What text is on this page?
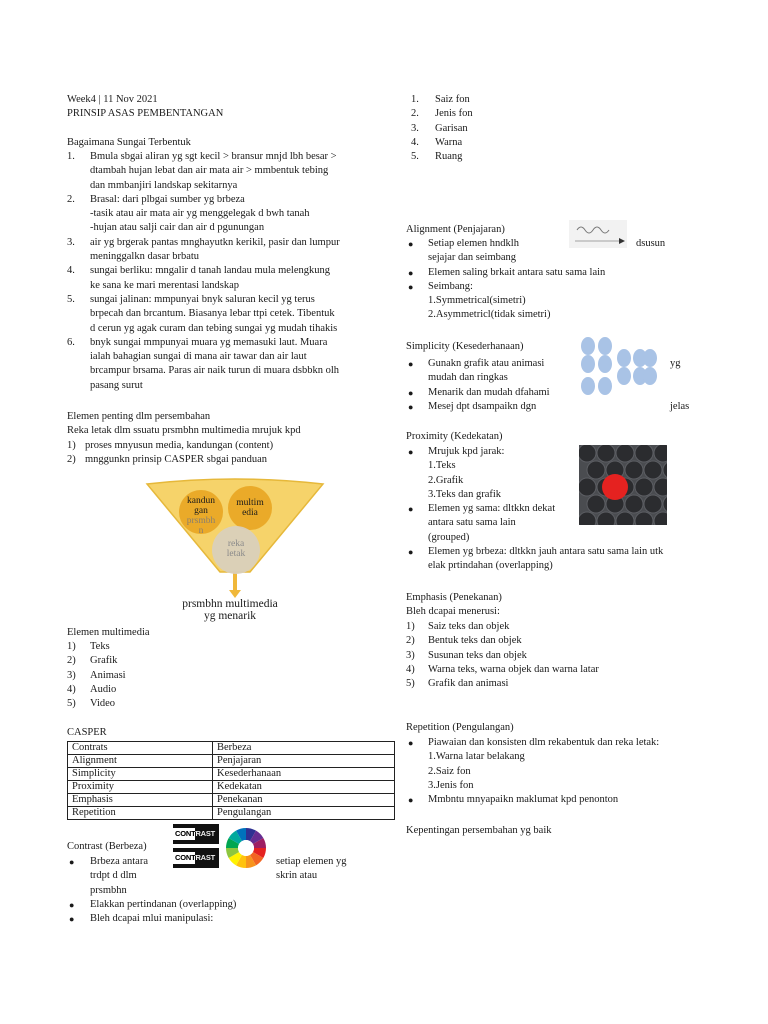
Week4 | 11 Nov 2021
PRINSIP ASAS PEMBENTANGAN
Bagaimana Sungai Terbentuk
1. Bmula sbgai aliran yg sgt kecil > bransur mnjd lbh besar >
dtambah hujan lebat dan air mata air > mmbentuk tebing
dan mmbanjiri landskap sekitarnya
2. Brasal: dari plbgai sumber yg brbeza
-tasik atau air mata air yg menggelegak d bwh tanah
-hujan atau salji cair dan air d pgunungan
3. air yg brgerak pantas mnghayutkn kerikil, pasir dan lumpur
meninggalkn dasar brbatu
4. sungai berliku: mngalir d tanah landau mula melengkung
ke sana ke mari merentasi landskap
5. sungai jalinan: mmpunyai bnyk saluran kecil yg terus
brpecah dan brcantum. Biasanya lebar ttpi cetek. Tibentuk
d cerun yg agak curam dan tebing sungai yg mudah tihakis
6. bnyk sungai mmpunyai muara yg memasuki laut. Muara
ialah bahagian sungai di mana air tawar dan air laut
brcampur brsama. Paras air naik turun di muara dsbbkn olh
pasang surut
Elemen penting dlm persembahan
Reka letak dlm ssuatu prsmbhn multimedia mrujuk kpd
1) proses mnyusun media, kandungan (content)
2) mnggunkn prinsip CASPER sbgai panduan
kandun
gan
prsmbh
n
multim
edia
reka
letak
prsmbhn multimedia
yg menarik
Elemen multimedia
1) Teks
2) Grafik
3) Animasi
4) Audio
5) Video
CASPER
Contrats	Berbeza
Alignment	Penjajaran
Simplicity	Kesederhanaan
Proximity	Kedekatan
Emphasis	Penekanan
Repetition	Pengulangan
CONTRAST
CONTRAST
Contrast (Berbeza)
● Brbeza antara	setiap elemen yg
trdpt d dlm	skrin atau
prsmbhn
● Elakkan pertindanan (overlapping)
● Bleh dcapai mlui manipulasi:
1. Saiz fon
2. Jenis fon
3. Garisan
4. Warna
5. Ruang
Alignment (Penjajaran)
● Setiap elemen hndklh	dsusun
sejajar dan seimbang
● Elemen saling brkait antara satu sama lain
● Seimbang:
1.Symmetrical(simetri)
2.Asymmetricl(tidak simetri)
Simplicity (Kesederhanaan)
● Gunakn grafik atau animasi	yg
mudah dan ringkas
● Menarik dan mudah dfahami
● Mesej dpt dsampaikn dgn	jelas
Proximity (Kedekatan)
● Mrujuk kpd jarak:
1.Teks
2.Grafik
3.Teks dan grafik
● Elemen yg sama: dltkkn dekat
antara satu sama lain
(grouped)
● Elemen yg brbeza: dltkkn jauh antara satu sama lain utk
elak prtindahan (overlapping)
Emphasis (Penekanan)
Bleh dcapai menerusi:
1) Saiz teks dan objek
2) Bentuk teks dan objek
3) Susunan teks dan objek
4) Warna teks, warna objek dan warna latar
5) Grafik dan animasi
Repetition (Pengulangan)
● Piawaian dan konsisten dlm rekabentuk dan reka letak:
1.Warna latar belakang
2.Saiz fon
3.Jenis fon
● Mmbntu mnyapaikn maklumat kpd penonton
Kepentingan persembahan yg baik
